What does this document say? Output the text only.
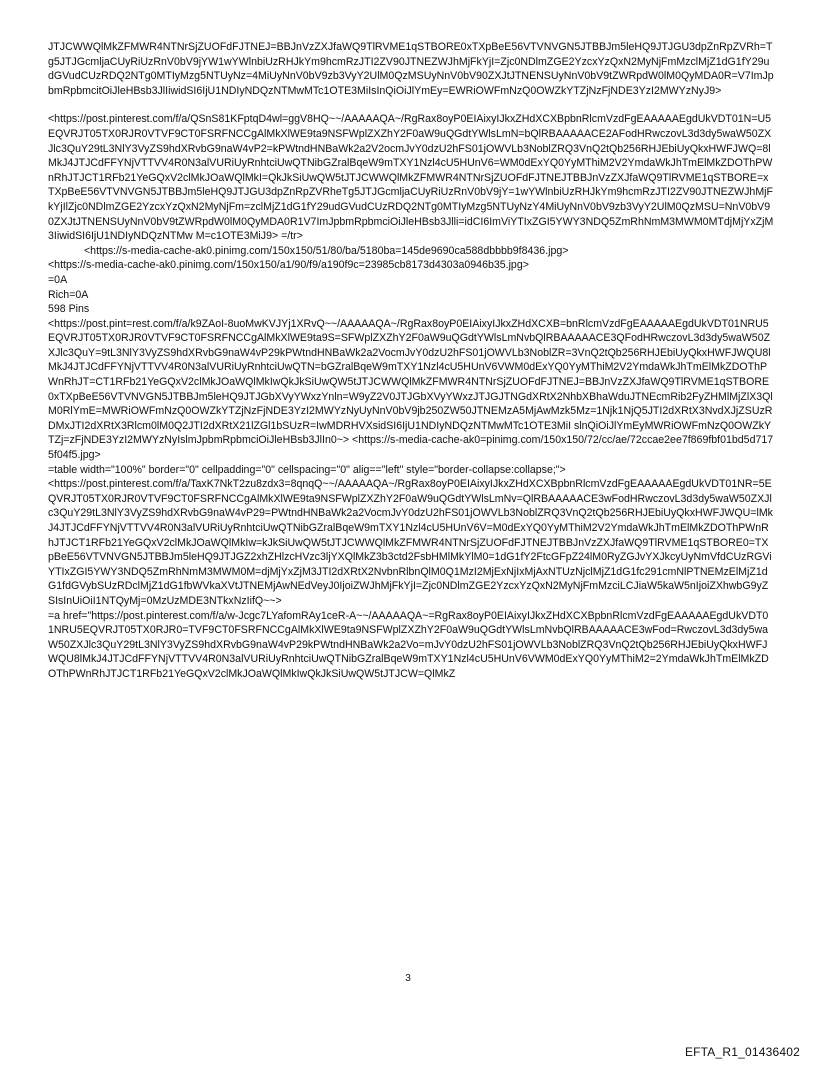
JTJCWWQlMkZFMWR4NTNrSjZUOFdFJTNEJ=BBJnVzZXJfaWQ9TlRVME1qSTBORE0xTXpBeE56VTVNVGN5JTBBJm5leHQ9JTJGU3dpZnRpZVRh=Tg5JTJGcmljaCUyRiUzRnV0bV9jYW1wYWlnbiUzRHJkYm9hcmRzJTI2ZV90JTNEZWJhMjFkYjI=Zjc0NDlmZGE2YzcxYzQxN2MyNjFmMzclMjZ1dG1fY29udGVudCUzRDQ2NTg0MTIyMzg5NTUyNz=4MiUyNnV0bV9zb3VyY2UlM0QzMSUyNnV0bV90ZXJtJTNENSUyNnV0bV9tZWRpdW0lM0QyMDA0R=V7ImJpbmRpbmcitOiJleHBsb3JlIiwidSI6IjU1NDIyNDQzNTMwMTc1OTE3MiIsInQiOiJlYmEy=EWRiOWFmNzQ0OWZkYTZjNzFjNDE3YzI2MWYzNyJ9>

<https://post.pinterest.com/f/a/QSnS81KFptqD4wl=ggV8HQ~~/AAAAAQA~/RgRax8oyP0EIAixyIJkxZHdXCXBpbnRlcmVzdFgEAAAAAEgdUkVDT01N=U5EQVRJT05TX0RJR0VTVF9CT0FSRFNCCgAlMkXlWE9ta9NSFWplZXZhY2F0aW9uQGdtYWlsLmN=bQlRBAAAAACE2AFodHRwczovL3d3dy5waW50ZXJlc3QuY29tL3NlY3VyZS9hdXRvbG9naW4vP2=kPWtndHNBaWk2a2V2ocmJvY0dzU2hFS01jOWVLb3NoblZRQ3VnQ2tQb256RHJEbiUyQkxHWFJWQ=8lMkJ4JTJCdFFYNjVTTVV4R0N3alVURiUyRnhtciUwQTNibGZralBqeW9mTXY1Nzl4cU5HUnV6=WM0dExYQ0YyMThiM2V2YmdaWkJhTmElMkZDOThPWnRhJTJCT1RFb21YeGQxV2clMkJOaWQlMkI=QkJkSiUwQW5tJTJCWWQlMkZFMWR4NTNrSjZUOFdFJTNEJTBBJnVzZXJfaWQ9TlRVME1qSTBORE=xTXpBeE56VTVNVGN5JTBBJm5leHQ9JTJGU3dpZnRpZVRheTg5JTJGcmljaCUyRiUzRnV0bV9jY=1wYWlnbiUzRHJkYm9hcmRzJTI2ZV90JTNEZWJhMjFkYjIlZjc0NDlmZGE2YzcxYzQxN2MyNjFm=zclMjZ1dG1fY29udGVudCUzRDQ2NTg0MTIyMzg5NTUyNzY4MiUyNnV0bV9zb3VyY2UlM0QzMSU=NnV0bV90ZXJtJTNENSUyNnV0bV9tZWRpdW0lM0QyMDA0R1V7ImJpbmRpbmciOiJleHBsb3Jlli=idCI6ImViYTIxZGI5YWY3NDQ5ZmRhNmM3MWM0MTdjMjYxZjM3IiwidSI6IjU1NDIyNDQzNTMw M=c1OTE3MiJ9> =/tr>

<https://s-media-cache-ak0.pinimg.com/150x150/51/80/ba/5180ba=145de9690ca588dbbbb9f8436.jpg>

<https://s-media-cache-ak0.pinimg.com/150x150/a1/90/f9/a190f9c=23985cb8173d4303a0946b35.jpg>

=0A

Rich=0A

598 Pins

<https://post.pint=rest.com/f/a/k9ZAoI-8uoMwKVJYj1XRvQ~~/AAAAAQA~/RgRax8oyP0EIAixyIJkxZHdXCXB=bnRlcmVzdFgEAAAAAEgdUkVDT01NRU5EQVRJT05TX0RJR0VTVF9CT0FSRFNCCgAlMkXlWE9ta9S=SFWplZXZhY2F0aW9uQGdtYWlsLmNvbQlRBAAAAACE3QFodHRwczovL3d3dy5waW50ZXJlc3QuY=9tL3NlY3VyZS9hdXRvbG9naW4vP29kPWtndHNBaWk2a2VocmJvY0dzU2hFS01jOWVLb3NoblZR=3VnQ2tQb256RHJEbiUyQkxHWFJWQU8lMkJ4JTJCdFFYNjVTTVV4R0N3alVURiUyRnhtciUwQTN=bGZralBqeW9mTXY1Nzl4cU5HUnV6VWM0dExYQ0YyMThiM2V2YmdaWkJhTmElMkZDOThPWnRhJT=CT1RFb21YeGQxV2clMkJOaWQlMkIwQkJkSiUwQW5tJTJCWWQlMkZFMWR4NTNrSjZUOFdFJTNEJ=BBJnVzZXJfaWQ9TlRVME1qSTBORE0xTXpBeE56VTVNVGN5JTBBJm5leHQ9JTJGbXVyYWxzYnln=W9yZ2V0JTJGbXVyYWxzJTJGJTNGdXRtX2NhbXBhaWduJTNEcmRib2FyZHMlMjZlX3QlM0RlYmE=MWRiOWFmNzQ0OWZkYTZjNzFjNDE3YzI2MWYzNyUyNnV0bV9jb250ZW50JTNEMzA5MjAwMzk5Mz=1Njk1NjQ5JTI2dXRtX3NvdXJjZSUzRDMxJTI2dXRtX3Rlcm0lM0Q2JTI2dXRtX21lZGl1bSUzR=IwMDRHVXsidSI6IjU1NDIyNDQzNTMwMTc1OTE3MiI slnQiOiJlYmEyMWRiOWFmNzQ0OWZkYTZj=zFjNDE3YzI2MWYzNyIslmJpbmRpbmciOiJleHBsb3JlIn0~> <https://s-media-cache-ak0=pinimg.com/150x150/72/cc/ae/72ccae2ee7f869fbf01bd5d7175f04f5.jpg>

=table width="100%" border="0" cellpadding="0" cellspacing="0" alig=="left" style="border-collapse:collapse;">

<https://post.pinterest.com/f/a/TaxK7NkT2zu8zdx3=8qnqQ~~/AAAAAQA~/RgRax8oyP0EIAixyIJkxZHdXCXBpbnRlcmVzdFgEAAAAAEgdUkVDT01NR=5EQVRJT05TX0RJR0VTVF9CT0FSRFNCCgAlMkXlWE9ta9NSFWplZXZhY2F0aW9uQGdtYWlsLmNv=QlRBAAAAACE3wFodHRwczovL3d3dy5waW50ZXJlc3QuY29tL3NlY3VyZS9hdXRvbG9naW4vP29=PWtndHNBaWk2a2VocmJvY0dzU2hFS01jOWVLb3NoblZRQ3VnQ2tQb256RHJEbiUyQkxHWFJWQU=lMkJ4JTJCdFFYNjVTTVV4R0N3alVURiUyRnhtciUwQTNibGZralBqeW9mTXY1Nzl4cU5HUnV6V=M0dExYQ0YyMThiM2V2YmdaWkJhTmElMkZDOThPWnRhJTJCT1RFb21YeGQxV2clMkJOaWQlMkIw=kJkSiUwQW5tJTJCWWQlMkZFMWR4NTNrSjZUOFdFJTNEJTBBJnVzZXJfaWQ9TlRVME1qSTBORE0=TXpBeE56VTVNVGN5JTBBJm5leHQ9JTJGZ2xhZHlzcHVzc3ljYXQlMkZ3b3ctd2FsbHMlMkYlM0=1dG1fY2FtcGFpZ24lM0RyZGJvYXJkcyUyNmVfdCUzRGViYTIxZGI5YWY3NDQ5ZmRhNmM3MWM0M=djMjYxZjM3JTI2dXRtX2NvbnRlbnQlM0Q1MzI2MjExNjIxMjAxNTUzNjclMjZ1dG1fc291cmNlPTNEMzElMjZ1dG1fdGVybSUzRDclMjZ1dG1fbWVkaXVtJTNEMjAwNEdVeyJ0IjoiZWJhMjFkYjI=Zjc0NDlmZGE2YzcxYzQxN2MyNjFmMzciLCJiaW5kaW5nIjoiZXhwbG9yZSIsInUiOiI1NTQyMj=0MzUzMDE3NTkxNzIifQ~~>

=a href="https://post.pinterest.com/f/a/w-Jcgc7LYafomRAy1ceR-A~~/AAAAAQA~=RgRax8oyP0EIAixyIJkxZHdXCXBpbnRlcmVzdFgEAAAAAEgdUkVDT01NRU5EQVRJT05TX0RJR0=TVF9CT0FSRFNCCgAlMkXlWE9ta9NSFWplZXZhY2F0aW9uQGdtYWlsLmNvbQlRBAAAAACE3wFod=RwczovL3d3dy5waW50ZXJlc3QuY29tL3NlY3VyZS9hdXRvbG9naW4vP29kPWtndHNBaWk2a2Vo=mJvY0dzU2hFS01jOWVLb3NoblZRQ3VnQ2tQb256RHJEbiUyQkxHWFJWQU8lMkJ4JTJCdFFYNjVTTVV4R0N3alVURiUyRnhtciUwQTNibGZralBqeW9mTXY1Nzl4cU5HUnV6VWM0dExYQ0YyMThiM2=2YmdaWkJhTmElMkZDOThPWnRhJTJCT1RFb21YeGQxV2clMkJOaWQlMkIwQkJkSiUwQW5tJTJCW=QlMkZ

3
EFTA_R1_01436402
